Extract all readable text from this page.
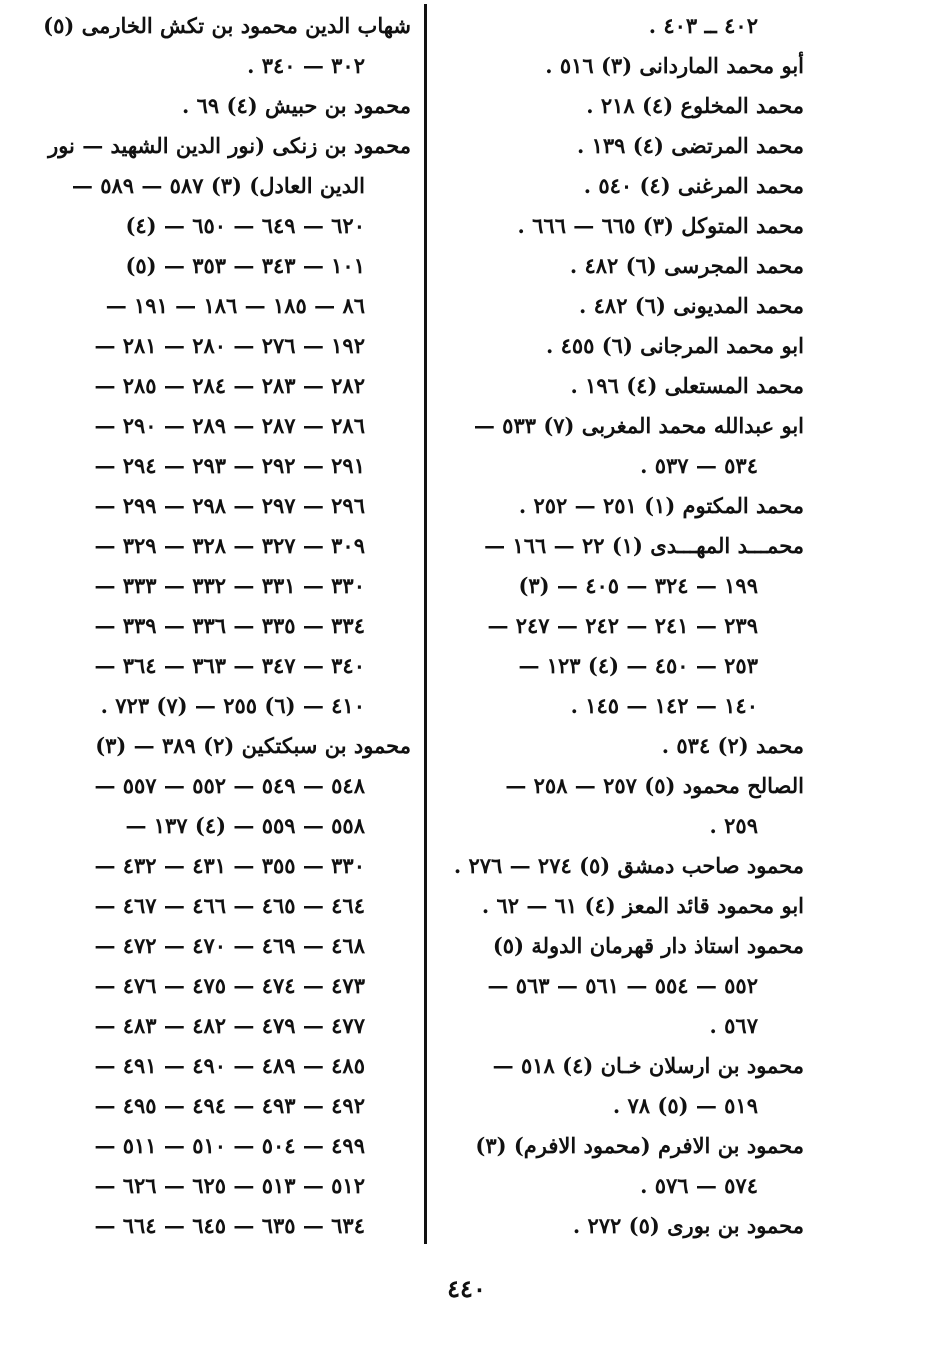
٤٠٢ ــ ٤٠٣ .
أبو محمد الماردانى (٣) ٥١٦ .
محمد المخلوع (٤) ٢١٨ .
محمد المرتضى (٤) ١٣٩ .
محمد المرغنى (٤) ٥٤٠ .
محمد المتوكل (٣) ٦٦٥ — ٦٦٦ .
محمد المجرسى (٦) ٤٨٢ .
محمد المديونى (٦) ٤٨٢ .
ابو محمد المرجانى (٦) ٤٥٥ .
محمد المستعلى (٤) ١٩٦ .
ابو عبدالله محمد المغربى (٧) ٥٣٣ —
٥٣٤ — ٥٣٧ .
محمد المكتوم (١) ٢٥١ — ٢٥٢ .
محمـــد المهـــدى (١) ٢٢ — ١٦٦ —
١٩٩ — ٣٢٤ — ٤٠٥ — (٣)
٢٣٩ — ٢٤١ — ٢٤٢ — ٢٤٧ —
٢٥٣ — ٤٥٠ — (٤) ١٢٣ —
١٤٠ — ١٤٢ — ١٤٥ .
محمد (٢) ٥٣٤ .
الصالح محمود (٥) ٢٥٧ — ٢٥٨ —
٢٥٩ .
محمود صاحب دمشق (٥) ٢٧٤ — ٢٧٦ .
ابو محمود قائد المعز (٤) ٦١ — ٦٢ .
محمود استاذ دار قهرمان الدولة (٥)
٥٥٢ — ٥٥٤ — ٥٦١ — ٥٦٣ —
٥٦٧ .
محمود بن ارسلان خـان (٤) ٥١٨ —
٥١٩ — (٥) ٧٨ .
محمود بن الافرم (محمود الافرم) (٣)
٥٧٤ — ٥٧٦ .
محمود بن بورى (٥) ٢٧٢ .
شهاب الدين محمود بن تكش الخارمى (٥)
٣٠٢ — ٣٤٠ .
محمود بن حبيش (٤) ٦٩ .
محمود بن زنكى (نور الدين الشهيد — نور
الدين العادل) (٣) ٥٨٧ — ٥٨٩ —
٦٢٠ — ٦٤٩ — ٦٥٠ — (٤)
١٠١ — ٣٤٣ — ٣٥٣ — (٥)
٨٦ — ١٨٥ — ١٨٦ — ١٩١ —
١٩٢ — ٢٧٦ — ٢٨٠ — ٢٨١ —
٢٨٢ — ٢٨٣ — ٢٨٤ — ٢٨٥ —
٢٨٦ — ٢٨٧ — ٢٨٩ — ٢٩٠ —
٢٩١ — ٢٩٢ — ٢٩٣ — ٢٩٤ —
٢٩٦ — ٢٩٧ — ٢٩٨ — ٢٩٩ —
٣٠٩ — ٣٢٧ — ٣٢٨ — ٣٢٩ —
٣٣٠ — ٣٣١ — ٣٣٢ — ٣٣٣ —
٣٣٤ — ٣٣٥ — ٣٣٦ — ٣٣٩ —
٣٤٠ — ٣٤٧ — ٣٦٣ — ٣٦٤ —
٤١٠ — (٦) ٢٥٥ — (٧) ٧٢٣ .
محمود بن سبكتكين (٢) ٣٨٩ — (٣)
٥٤٨ — ٥٤٩ — ٥٥٢ — ٥٥٧ —
٥٥٨ — ٥٥٩ — (٤) ١٣٧ —
٣٣٠ — ٣٥٥ — ٤٣١ — ٤٣٢ —
٤٦٤ — ٤٦٥ — ٤٦٦ — ٤٦٧ —
٤٦٨ — ٤٦٩ — ٤٧٠ — ٤٧٢ —
٤٧٣ — ٤٧٤ — ٤٧٥ — ٤٧٦ —
٤٧٧ — ٤٧٩ — ٤٨٢ — ٤٨٣ —
٤٨٥ — ٤٨٩ — ٤٩٠ — ٤٩١ —
٤٩٢ — ٤٩٣ — ٤٩٤ — ٤٩٥ —
٤٩٩ — ٥٠٤ — ٥١٠ — ٥١١ —
٥١٢ — ٥١٣ — ٦٢٥ — ٦٢٦ —
٦٣٤ — ٦٣٥ — ٦٤٥ — ٦٦٤ —
٤٤٠
